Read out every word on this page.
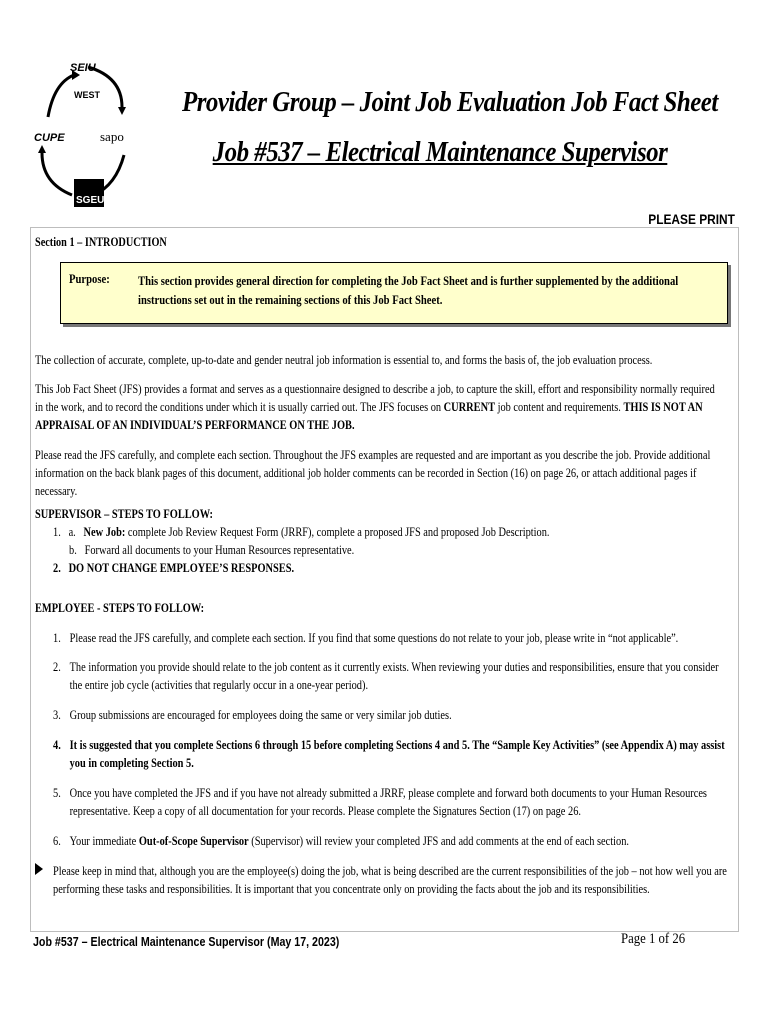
SEIU
WEST
CUPE	sapo
SGEU
Provider Group – Joint Job Evaluation Job Fact Sheet
Job #537 – Electrical Maintenance Supervisor
PLEASE PRINT
Section 1 – INTRODUCTION
Purpose: This section provides general direction for completing the Job Fact Sheet and is further supplemented by the additional instructions set out in the remaining sections of this Job Fact Sheet.
The collection of accurate, complete, up-to-date and gender neutral job information is essential to, and forms the basis of, the job evaluation process.
This Job Fact Sheet (JFS) provides a format and serves as a questionnaire designed to describe a job, to capture the skill, effort and responsibility normally required in the work, and to record the conditions under which it is usually carried out. The JFS focuses on CURRENT job content and requirements. THIS IS NOT AN APPRAISAL OF AN INDIVIDUAL’S PERFORMANCE ON THE JOB.
Please read the JFS carefully, and complete each section. Throughout the JFS examples are requested and are important as you describe the job. Provide additional information on the back blank pages of this document, additional job holder comments can be recorded in Section (16) on page 26, or attach additional pages if necessary.
SUPERVISOR – STEPS TO FOLLOW:
1. a. New Job: complete Job Review Request Form (JRRF), complete a proposed JFS and proposed Job Description.
b. Forward all documents to your Human Resources representative.
2. DO NOT CHANGE EMPLOYEE’S RESPONSES.
EMPLOYEE - STEPS TO FOLLOW:
1. Please read the JFS carefully, and complete each section. If you find that some questions do not relate to your job, please write in “not applicable”.
2. The information you provide should relate to the job content as it currently exists. When reviewing your duties and responsibilities, ensure that you consider the entire job cycle (activities that regularly occur in a one-year period).
3. Group submissions are encouraged for employees doing the same or very similar job duties.
4. It is suggested that you complete Sections 6 through 15 before completing Sections 4 and 5. The “Sample Key Activities” (see Appendix A) may assist you in completing Section 5.
5. Once you have completed the JFS and if you have not already submitted a JRRF, please complete and forward both documents to your Human Resources representative. Keep a copy of all documentation for your records. Please complete the Signatures Section (17) on page 26.
6. Your immediate Out-of-Scope Supervisor (Supervisor) will review your completed JFS and add comments at the end of each section.
Please keep in mind that, although you are the employee(s) doing the job, what is being described are the current responsibilities of the job – not how well you are performing these tasks and responsibilities. It is important that you concentrate only on providing the facts about the job and its responsibilities.
Job #537 – Electrical Maintenance Supervisor (May 17, 2023)	Page 1 of 26
